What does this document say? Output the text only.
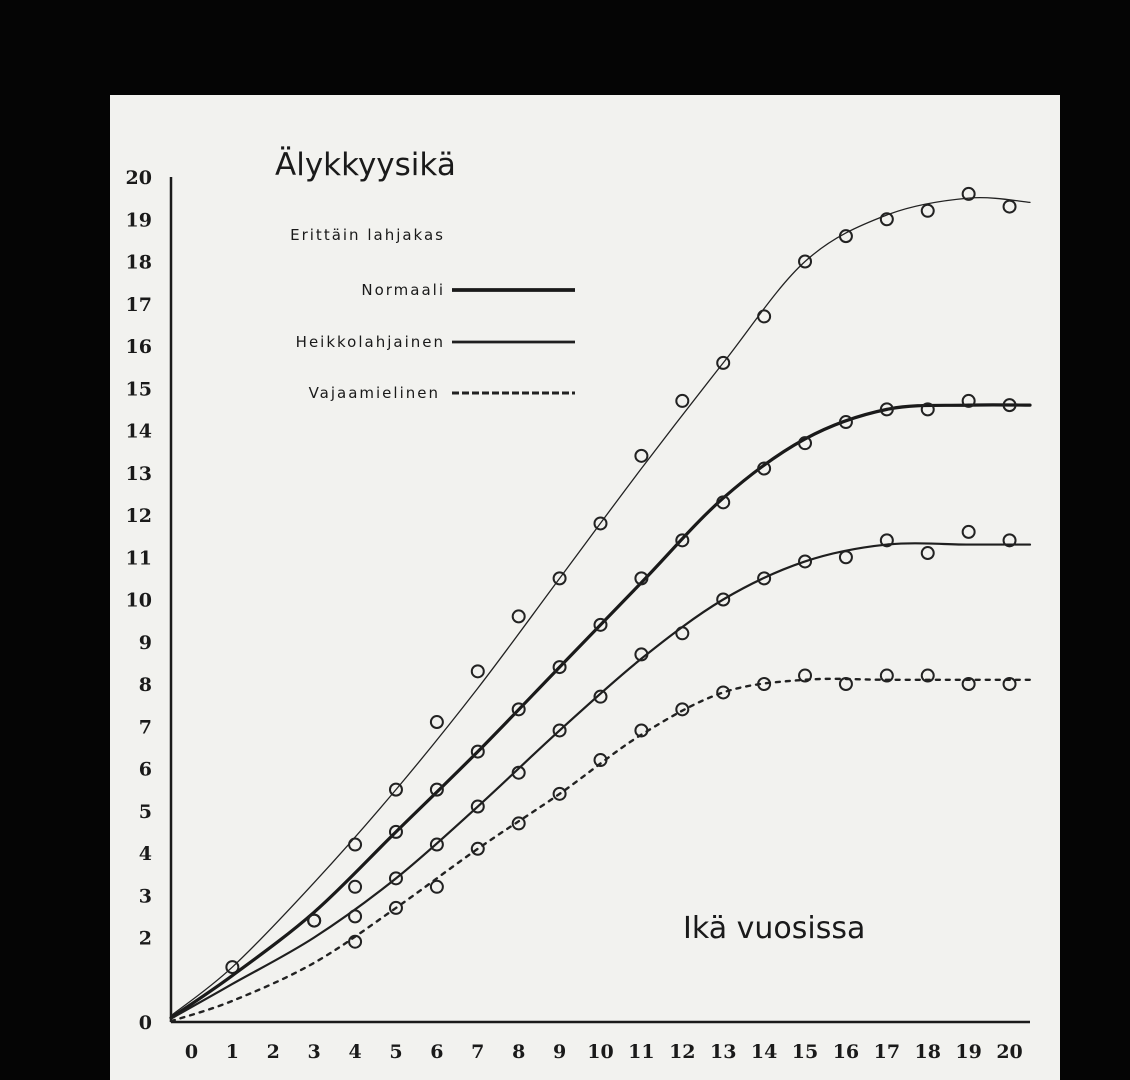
Älykkyysikä
0
2
3
4
5
6
7
8
9
10
11
12
13
14
15
16
17
18
19
20
0 1 2 3 4 5 6 7 8 9 10 11 12 13 14 15 16 17 18 19 20
Erittäin lahjakas
Normaali
Heikkolahjainen
Vajaamielinen
Ikä vuosissa
